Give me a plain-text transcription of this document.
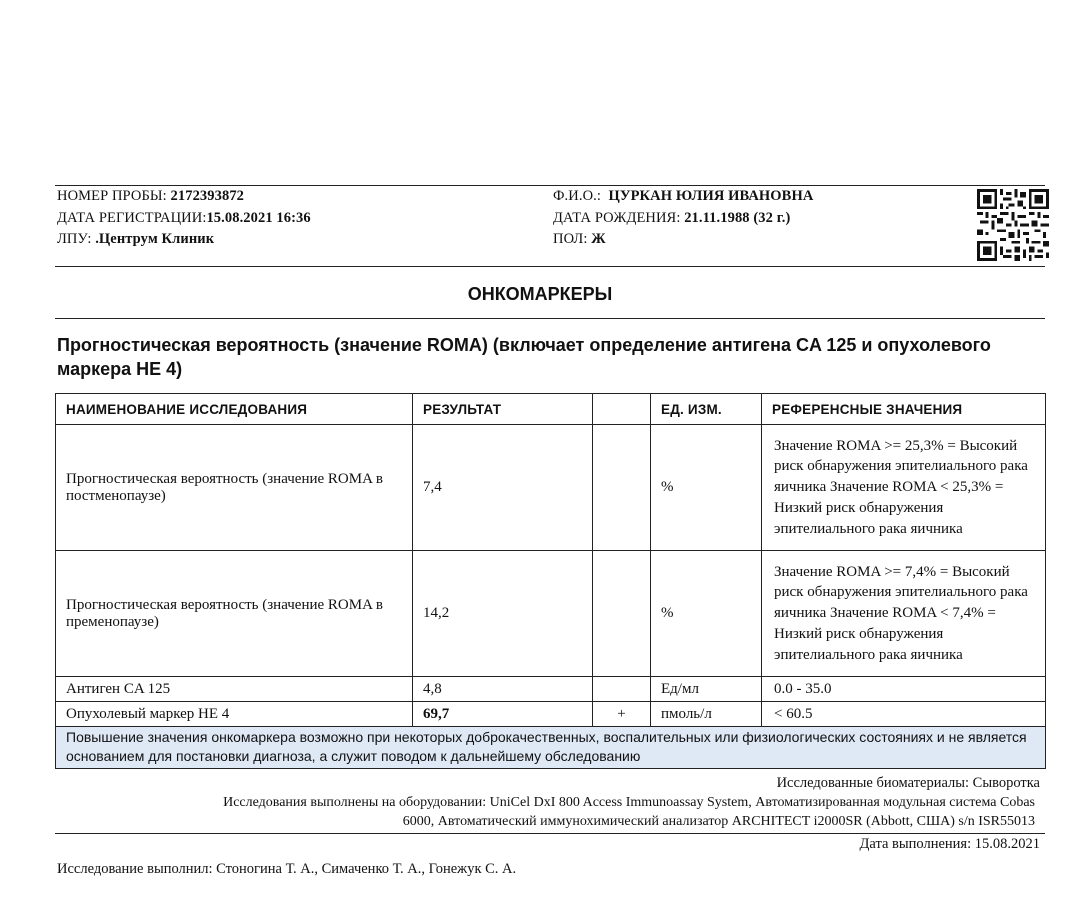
НОМЕР ПРОБЫ: 2172393872
ДАТА РЕГИСТРАЦИИ:15.08.2021 16:36
ЛПУ: .Центрум Клиник
Ф.И.О.: ЦУРКАН ЮЛИЯ ИВАНОВНА
ДАТА РОЖДЕНИЯ: 21.11.1988 (32 г.)
ПОЛ: Ж
ОНКОМАРКЕРЫ
Прогностическая вероятность (значение ROMA) (включает определение антигена CA 125 и опухолевого маркера HE 4)
НАИМЕНОВАНИЕ ИССЛЕДОВАНИЯ	РЕЗУЛЬТАТ		ЕД. ИЗМ.	РЕФЕРЕНСНЫЕ ЗНАЧЕНИЯ
Прогностическая вероятность (значение ROMA в постменопаузе)	7,4		%	Значение ROMA >= 25,3% = Высокий риск обнаружения эпителиального рака яичника Значение ROMA < 25,3% = Низкий риск обнаружения эпителиального рака яичника
Прогностическая вероятность (значение ROMA в пременопаузе)	14,2		%	Значение ROMA >= 7,4% = Высокий риск обнаружения эпителиального рака яичника Значение ROMA < 7,4% = Низкий риск обнаружения эпителиального рака яичника
Антиген CA 125	4,8		Ед/мл	0.0 - 35.0
Опухолевый маркер HE 4	69,7	+	пмоль/л	< 60.5
Повышение значения онкомаркера возможно при некоторых доброкачественных, воспалительных или физиологических состояниях и не является основанием для постановки диагноза, а служит поводом к дальнейшему обследованию				
Исследованные биоматериалы: Сыворотка
Исследования выполнены на оборудовании: UniCel DxI 800 Access Immunoassay System, Автоматизированная модульная система Cobas
6000, Автоматический иммунохимический анализатор ARCHITECT i2000SR (Abbott, США) s/n ISR55013
Дата выполнения: 15.08.2021
Исследование выполнил: Стоногина Т. А., Симаченко Т. А., Гонежук С. А.
